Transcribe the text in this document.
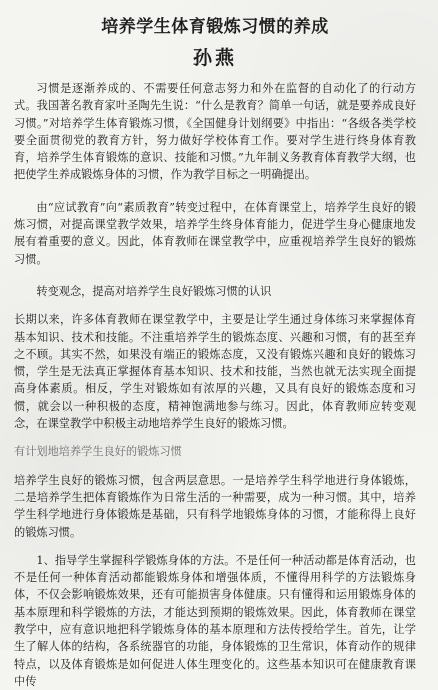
培养学生体育锻炼习惯的养成
孙燕

习惯是逐渐养成的、不需要任何意志努力和外在监督的自动化了的行动方式。我国著名教育家叶圣陶先生说：“什么是教育？简单一句话，就是要养成良好习惯。”对培养学生体育锻炼习惯，《全国健身计划纲要》中指出：“各级各类学校要全面贯彻党的教育方针，努力做好学校体育工作。要对学生进行终身体育教育，培养学生体育锻炼的意识、技能和习惯。”九年制义务教育体育教学大纲，也把使学生养成锻炼身体的习惯，作为教学目标之一明确提出。

由“应试教育”向“素质教育”转变过程中，在体育课堂上，培养学生良好的锻炼习惯，对提高课堂教学效果，培养学生终身体育能力，促进学生身心健康地发展有着重要的意义。因此，体育教师在课堂教学中，应重视培养学生良好的锻炼习惯。

转变观念，提高对培养学生良好锻炼习惯的认识

长期以来，许多体育教师在课堂教学中，主要是让学生通过身体练习来掌握体育基本知识、技术和技能。不注重培养学生的锻炼态度、兴趣和习惯，有的甚至弃之不顾。其实不然，如果没有端正的锻炼态度，又没有锻炼兴趣和良好的锻炼习惯，学生是无法真正掌握体育基本知识、技术和技能，当然也就无法实现全面提高身体素质。相反，学生对锻炼如有浓厚的兴趣，又具有良好的锻炼态度和习惯，就会以一种积极的态度，精神饱满地参与练习。因此，体育教师应转变观念，在课堂教学中积极主动地培养学生良好的锻炼习惯。

有计划地培养学生良好的锻炼习惯

培养学生良好的锻炼习惯，包含两层意思。一是培养学生科学地进行身体锻炼，二是培养学生把体育锻炼作为日常生活的一种需要，成为一种习惯。其中，培养学生科学地进行身体锻炼是基础，只有科学地锻炼身体的习惯，才能称得上良好的锻炼习惯。

1、指导学生掌握科学锻炼身体的方法。不是任何一种活动都是体育活动，也不是任何一种体育活动都能锻炼身体和增强体质，不懂得用科学的方法锻炼身体，不仅会影响锻炼效果，还有可能损害身体健康。只有懂得和运用锻炼身体的基本原理和科学锻炼的方法，才能达到预期的锻炼效果。因此，体育教师在课堂教学中，应有意识地把科学锻炼身体的基本原理和方法传授给学生。首先，让学生了解人体的结构，各系统器官的功能，身体锻炼的卫生常识，体育动作的规律特点，以及体育锻炼是如何促进人体生理变化的。这些基本知识可在健康教育课中传
